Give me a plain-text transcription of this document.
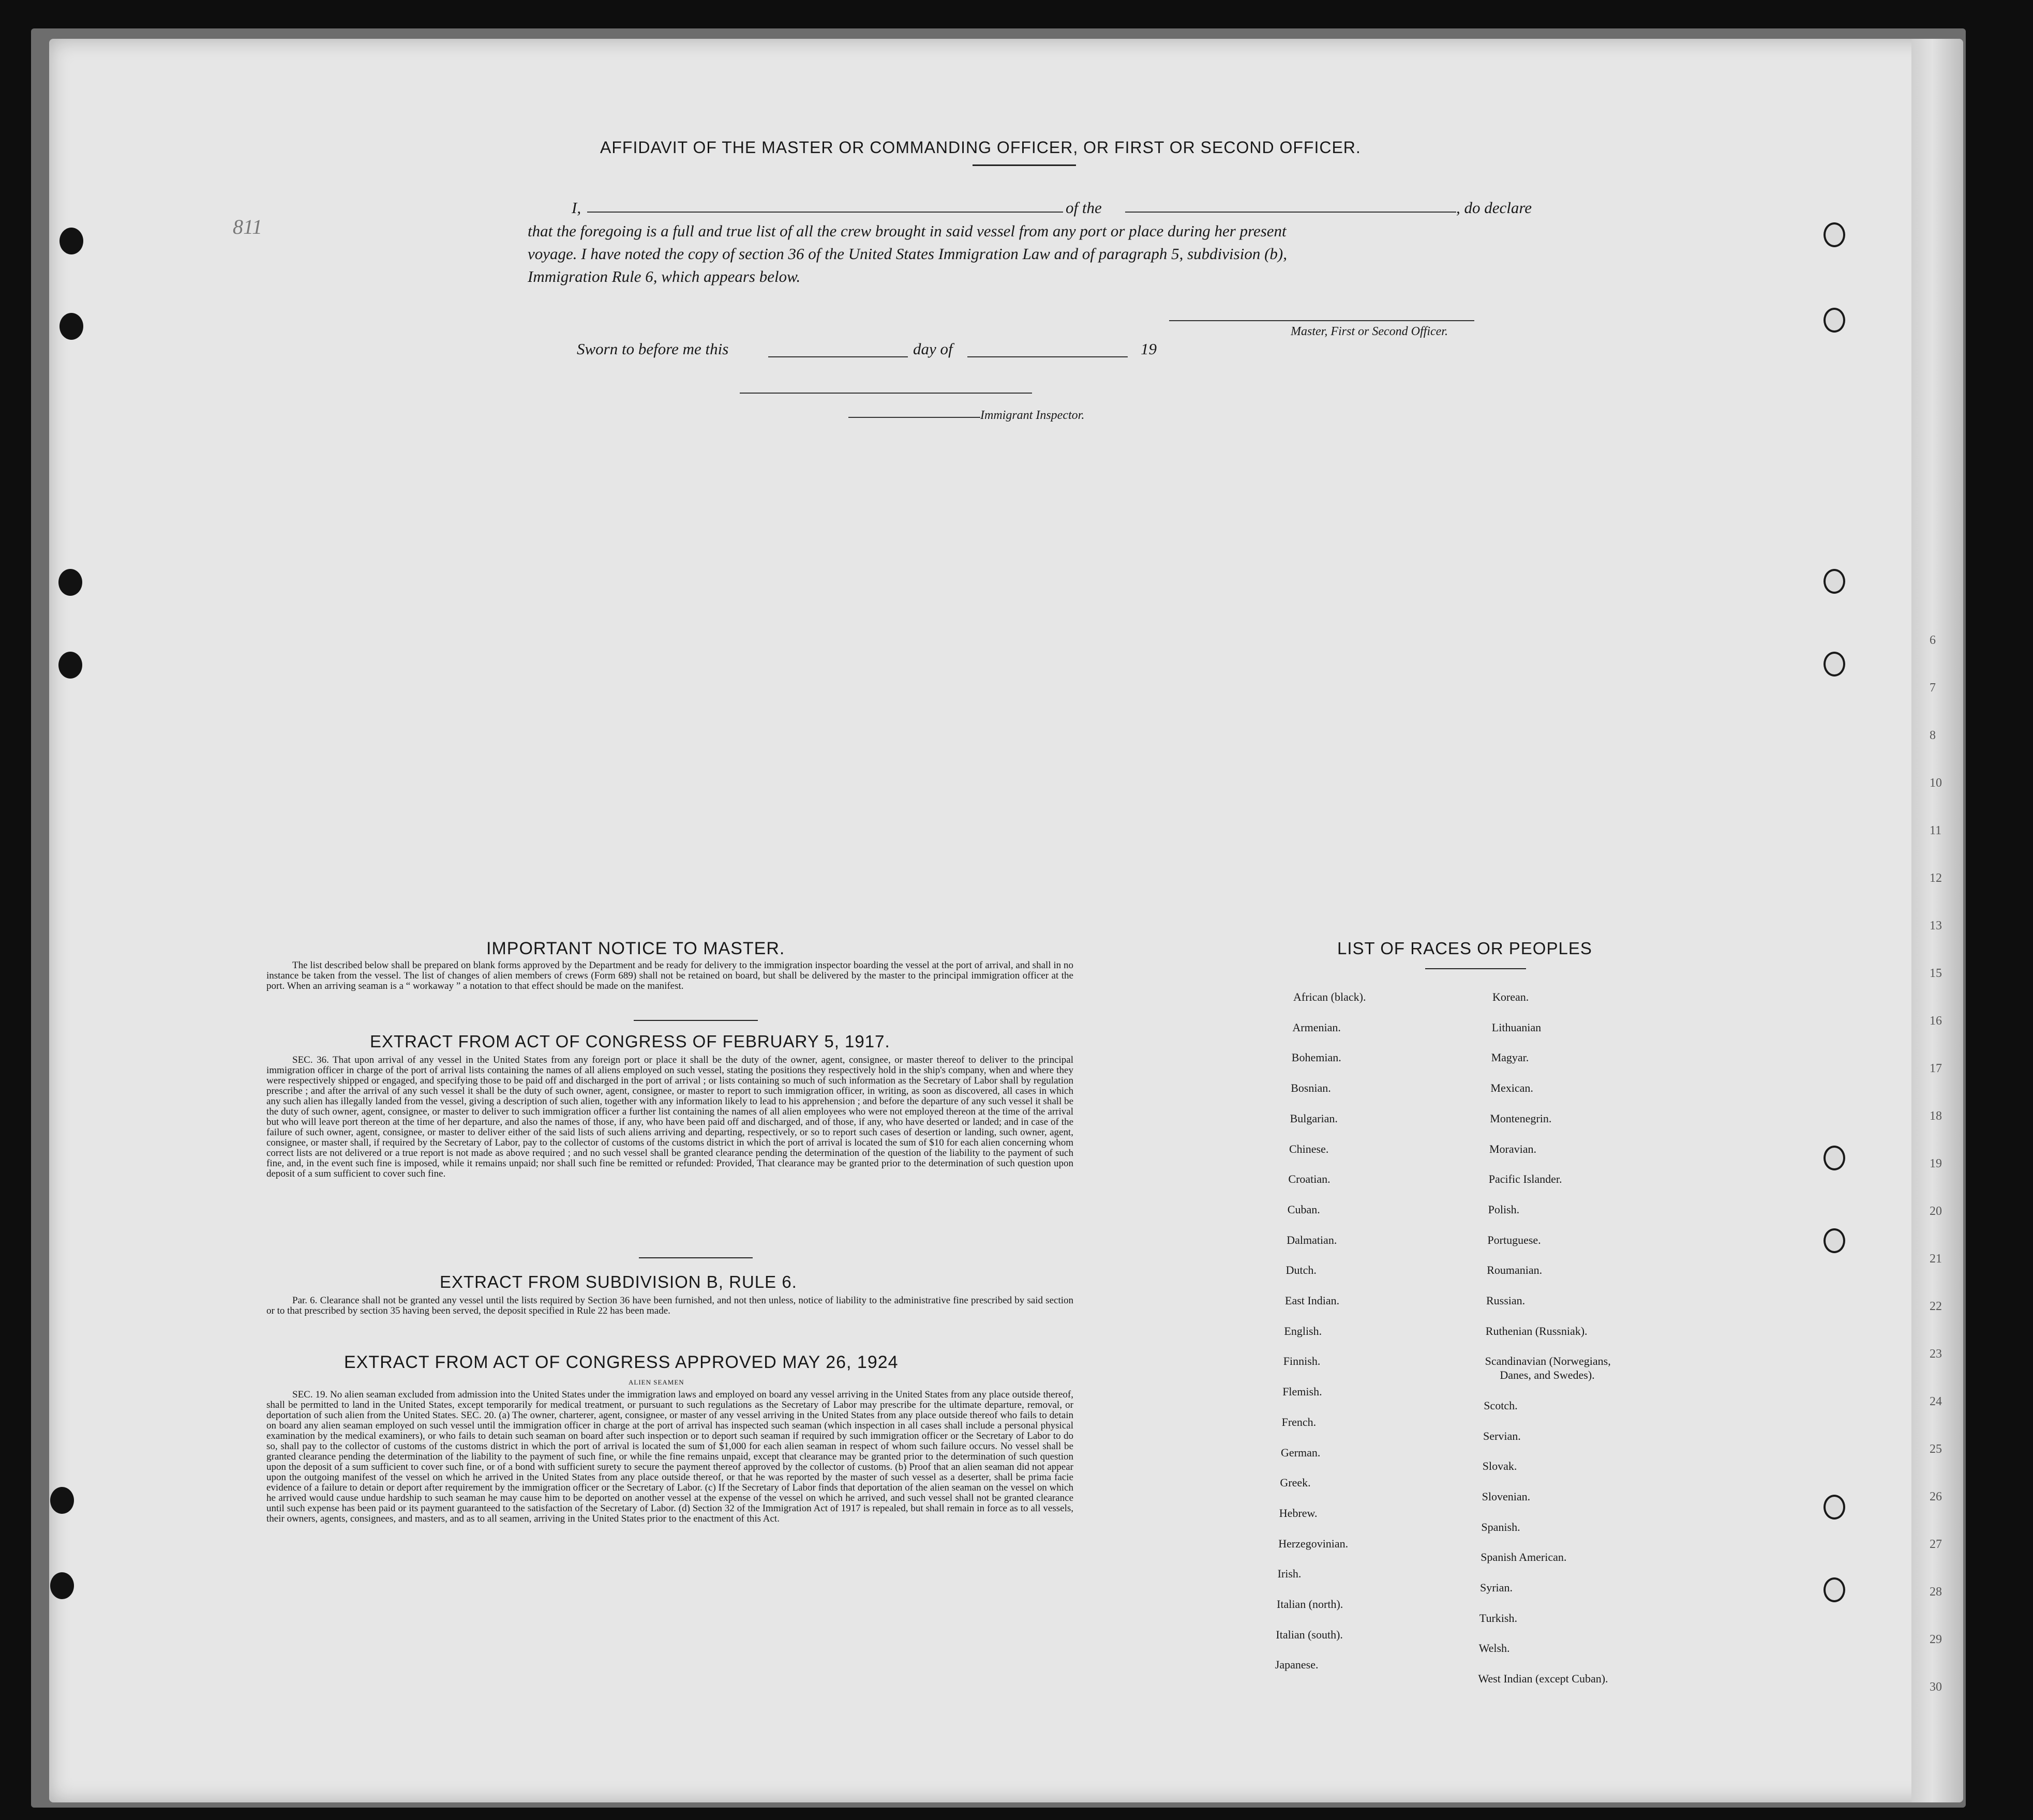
811
AFFIDAVIT OF THE MASTER OR COMMANDING OFFICER, OR FIRST OR SECOND OFFICER.
I,	of the	, do declare
that the foregoing is a full and true list of all the crew brought in said vessel from any port or place during her present
voyage. I have noted the copy of section 36 of the United States Immigration Law and of paragraph 5, subdivision (b),
Immigration Rule 6, which appears below.
Master, First or Second Officer.
Sworn to before me this	day of	19
Immigrant Inspector.
IMPORTANT NOTICE TO MASTER.
The list described below shall be prepared on blank forms approved by the Department and be ready for delivery to the immigration inspector boarding the vessel at the port of arrival, and shall in no instance be taken from the vessel. The list of changes of alien members of crews (Form 689) shall not be retained on board, but shall be delivered by the master to the principal immigration officer at the port. When an arriving seaman is a “ workaway ” a notation to that effect should be made on the manifest.
EXTRACT FROM ACT OF CONGRESS OF FEBRUARY 5, 1917.
SEC. 36. That upon arrival of any vessel in the United States from any foreign port or place it shall be the duty of the owner, agent, consignee, or master thereof to deliver to the principal immigration officer in charge of the port of arrival lists containing the names of all aliens employed on such vessel, stating the positions they respectively hold in the ship's company, when and where they were respectively shipped or engaged, and specifying those to be paid off and discharged in the port of arrival ; or lists containing so much of such information as the Secretary of Labor shall by regulation prescribe ; and after the arrival of any such vessel it shall be the duty of such owner, agent, consignee, or master to report to such immigration officer, in writing, as soon as discovered, all cases in which any such alien has illegally landed from the vessel, giving a description of such alien, together with any information likely to lead to his apprehension ; and before the departure of any such vessel it shall be the duty of such owner, agent, consignee, or master to deliver to such immigration officer a further list containing the names of all alien employees who were not employed thereon at the time of the arrival but who will leave port thereon at the time of her departure, and also the names of those, if any, who have been paid off and discharged, and of those, if any, who have deserted or landed; and in case of the failure of such owner, agent, consignee, or master to deliver either of the said lists of such aliens arriving and departing, respectively, or so to report such cases of desertion or landing, such owner, agent, consignee, or master shall, if required by the Secretary of Labor, pay to the collector of customs of the customs district in which the port of arrival is located the sum of $10 for each alien concerning whom correct lists are not delivered or a true report is not made as above required ; and no such vessel shall be granted clearance pending the determination of the question of the liability to the payment of such fine, and, in the event such fine is imposed, while it remains unpaid; nor shall such fine be remitted or refunded: Provided, That clearance may be granted prior to the determination of such question upon deposit of a sum sufficient to cover such fine.
EXTRACT FROM SUBDIVISION B, RULE 6.
Par. 6. Clearance shall not be granted any vessel until the lists required by Section 36 have been furnished, and not then unless, notice of liability to the administrative fine prescribed by said section or to that prescribed by section 35 having been served, the deposit specified in Rule 22 has been made.
EXTRACT FROM ACT OF CONGRESS APPROVED MAY 26, 1924
ALIEN SEAMEN
SEC. 19. No alien seaman excluded from admission into the United States under the immigration laws and employed on board any vessel arriving in the United States from any place outside thereof, shall be permitted to land in the United States, except temporarily for medical treatment, or pursuant to such regulations as the Secretary of Labor may prescribe for the ultimate departure, removal, or deportation of such alien from the United States. SEC. 20. (a) The owner, charterer, agent, consignee, or master of any vessel arriving in the United States from any place outside thereof who fails to detain on board any alien seaman employed on such vessel until the immigration officer in charge at the port of arrival has inspected such seaman (which inspection in all cases shall include a personal physical examination by the medical examiners), or who fails to detain such seaman on board after such inspection or to deport such seaman if required by such immigration officer or the Secretary of Labor to do so, shall pay to the collector of customs of the customs district in which the port of arrival is located the sum of $1,000 for each alien seaman in respect of whom such failure occurs. No vessel shall be granted clearance pending the determination of the liability to the payment of such fine, or while the fine remains unpaid, except that clearance may be granted prior to the determination of such question upon the deposit of a sum sufficient to cover such fine, or of a bond with sufficient surety to secure the payment thereof approved by the collector of customs. (b) Proof that an alien seaman did not appear upon the outgoing manifest of the vessel on which he arrived in the United States from any place outside thereof, or that he was reported by the master of such vessel as a deserter, shall be prima facie evidence of a failure to detain or deport after requirement by the immigration officer or the Secretary of Labor. (c) If the Secretary of Labor finds that deportation of the alien seaman on the vessel on which he arrived would cause undue hardship to such seaman he may cause him to be deported on another vessel at the expense of the vessel on which he arrived, and such vessel shall not be granted clearance until such expense has been paid or its payment guaranteed to the satisfaction of the Secretary of Labor. (d) Section 32 of the Immigration Act of 1917 is repealed, but shall remain in force as to all vessels, their owners, agents, consignees, and masters, and as to all seamen, arriving in the United States prior to the enactment of this Act.
LIST OF RACES OR PEOPLES
African (black).
Armenian.
Bohemian.
Bosnian.
Bulgarian.
Chinese.
Croatian.
Cuban.
Dalmatian.
Dutch.
East Indian.
English.
Finnish.
Flemish.
French.
German.
Greek.
Hebrew.
Herzegovinian.
Irish.
Italian (north).
Italian (south).
Japanese.
Korean.
Lithuanian
Magyar.
Mexican.
Montenegrin.
Moravian.
Pacific Islander.
Polish.
Portuguese.
Roumanian.
Russian.
Ruthenian (Russniak).
Scandinavian (Norwegians,
Danes, and Swedes).
Scotch.
Servian.
Slovak.
Slovenian.
Spanish.
Spanish American.
Syrian.
Turkish.
Welsh.
West Indian (except Cuban).
6
7
8
10
11
12
13
15
16
17
18
19
20
21
22
23
24
25
26
27
28
29
30
